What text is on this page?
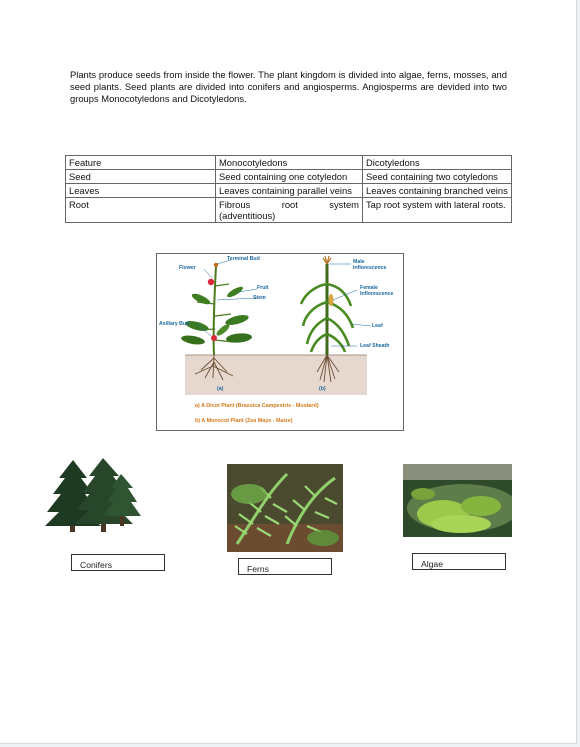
Plants produce seeds from inside the flower. The plant kingdom is divided into algae, ferns, mosses, and seed plants. Seed plants are divided into conifers and angiosperms. Angiosperms are devided into two groups Monocotyledons and Dicotyledons.

Feature	Monocotyledons	Dicotyledons
Seed	Seed containing one cotyledon	Seed containing two cotyledons
Leaves	Leaves containing parallel veins	Leaves containing branched veins
Root	Fibrous root system (adventitious)	Tap root system with lateral roots.
Terminal Bud
Flower
Fruit
Stem
Axillary Bud
Male Inflorescence
Female Inflorescence
Leaf
Leaf Sheath
(a)	(b)
a) A Dicot Plant (Brassica Campestris - Mustard)
b) A Monocot Plant (Zea Mays - Maize)
Conifers	Ferns	Algae
